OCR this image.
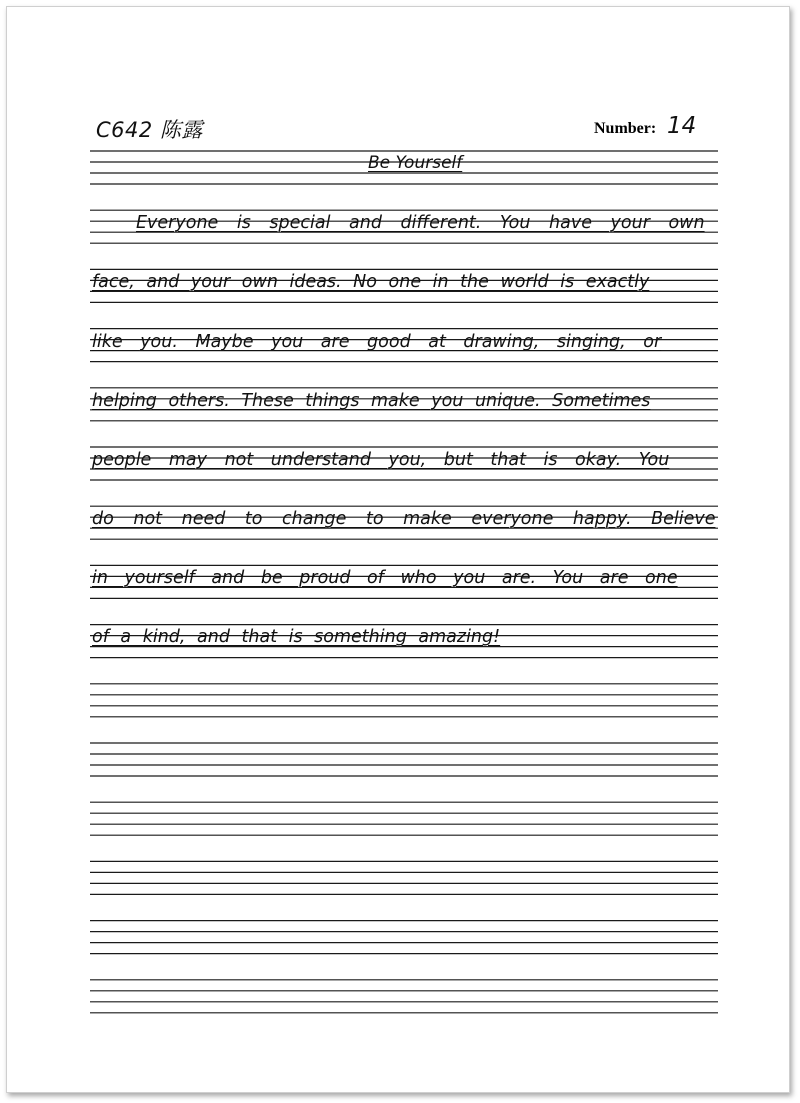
C642 陈露	Number: 14
Be Yourself
Everyone is special and different. You have your own
face, and your own ideas. No one in the world is exactly
like you. Maybe you are good at drawing, singing, or
helping others. These things make you unique. Sometimes
people may not understand you, but that is okay. You
do not need to change to make everyone happy. Believe
in yourself and be proud of who you are. You are one
of a kind, and that is something amazing!
